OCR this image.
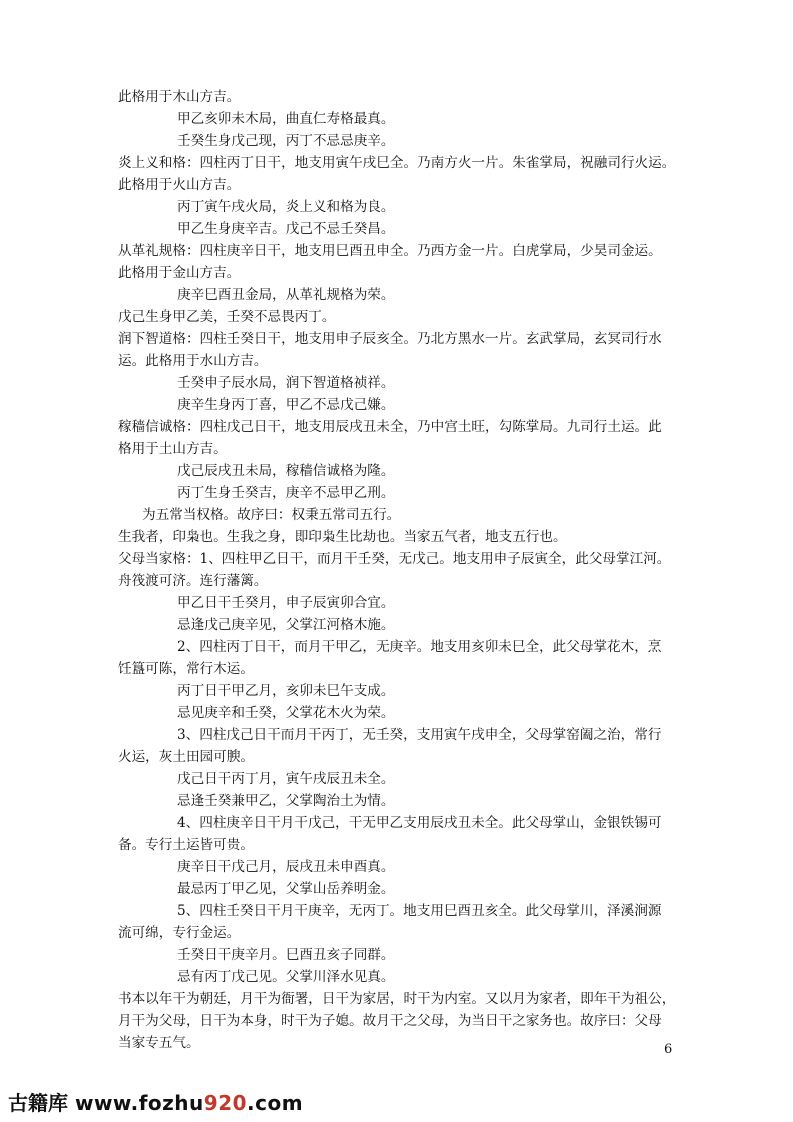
此格用于木山方吉。
甲乙亥卯未木局，曲直仁寿格最真。
壬癸生身戊己现，丙丁不忌忌庚辛。
炎上义和格：四柱丙丁日干，地支用寅午戌巳全。乃南方火一片。朱雀掌局，祝融司行火运。
此格用于火山方吉。
丙丁寅午戌火局，炎上义和格为良。
甲乙生身庚辛吉。戊己不忌壬癸昌。
从革礼规格：四柱庚辛日干，地支用巳酉丑申全。乃西方金一片。白虎掌局，少昊司金运。
此格用于金山方吉。
庚辛巳酉丑金局，从革礼规格为荣。
戊己生身甲乙美，壬癸不忌畏丙丁。
润下智道格：四柱壬癸日干，地支用申子辰亥全。乃北方黑水一片。玄武掌局，玄冥司行水
运。此格用于水山方吉。
壬癸申子辰水局，润下智道格祯祥。
庚辛生身丙丁喜，甲乙不忌戊己嫌。
稼穑信诚格：四柱戊己日干，地支用辰戌丑未全，乃中宫土旺，勾陈掌局。九司行土运。此
格用于土山方吉。
戊己辰戌丑未局，稼穑信诚格为隆。
丙丁生身壬癸吉，庚辛不忌甲乙刑。
为五常当权格。故序曰：权秉五常司五行。
生我者，印枭也。生我之身，即印枭生比劫也。当家五气者，地支五行也。
父母当家格：1、四柱甲乙日干，而月干壬癸，无戊己。地支用申子辰寅全，此父母掌江河。
舟筏渡可济。连行藩篱。
甲乙日干壬癸月，申子辰寅卯合宜。
忌逢戊己庚辛见，父掌江河格木施。
2、四柱丙丁日干，而月干甲乙，无庚辛。地支用亥卯未巳全，此父母掌花木，烹
饪簋可陈，常行木运。
丙丁日干甲乙月，亥卯未巳午支成。
忌见庚辛和壬癸，父掌花木火为荣。
3、四柱戊己日干而月干丙丁，无壬癸，支用寅午戌申全，父母掌窑阖之治，常行
火运，灰土田园可腴。
戊己日干丙丁月，寅午戌辰丑未全。
忌逢壬癸兼甲乙，父掌陶治土为情。
4、四柱庚辛日干月干戊己，干无甲乙支用辰戌丑未全。此父母掌山，金银铁锡可
备。专行土运皆可贵。
庚辛日干戊己月，辰戌丑未申酉真。
最忌丙丁甲乙见，父掌山岳养明金。
5、四柱壬癸日干月干庚辛，无丙丁。地支用巳酉丑亥全。此父母掌川，泽溪涧源
流可绵，专行金运。
壬癸日干庚辛月。巳酉丑亥子同群。
忌有丙丁戊己见。父掌川泽水见真。
书本以年干为朝廷，月干为衙署，日干为家居，时干为内室。又以月为家者，即年干为祖公，
月干为父母，日干为本身，时干为子媳。故月干之父母，为当日干之家务也。故序曰：父母
当家专五气。	6
古籍库 www.fozhu920.com
